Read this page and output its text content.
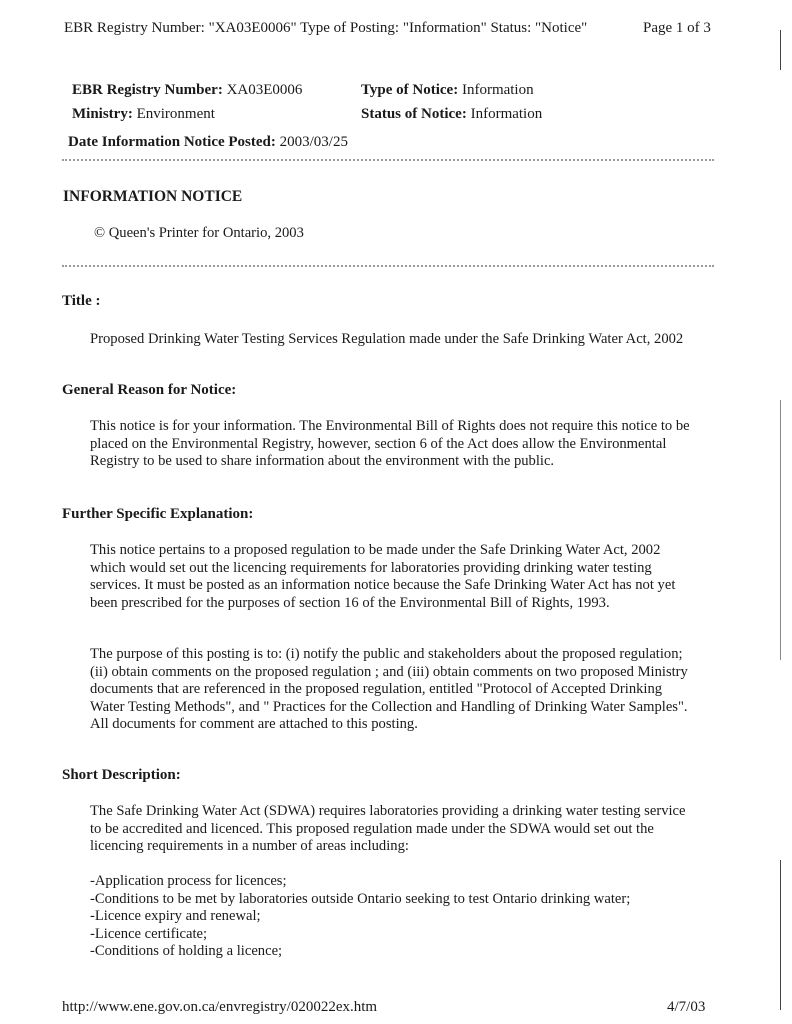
EBR Registry Number: "XA03E0006" Type of Posting: "Information" Status: "Notice"	Page 1 of 3
EBR Registry Number: XA03E0006
Ministry: Environment
Date Information Notice Posted: 2003/03/25
Type of Notice: Information
Status of Notice: Information
INFORMATION NOTICE
© Queen's Printer for Ontario, 2003
Title :
Proposed Drinking Water Testing Services Regulation made under the Safe Drinking Water Act, 2002
General Reason for Notice:
This notice is for your information. The Environmental Bill of Rights does not require this notice to be placed on the Environmental Registry, however, section 6 of the Act does allow the Environmental Registry to be used to share information about the environment with the public.
Further Specific Explanation:
This notice pertains to a proposed regulation to be made under the Safe Drinking Water Act, 2002 which would set out the licencing requirements for laboratories providing drinking water testing services. It must be posted as an information notice because the Safe Drinking Water Act has not yet been prescribed for the purposes of section 16 of the Environmental Bill of Rights, 1993.
The purpose of this posting is to: (i) notify the public and stakeholders about the proposed regulation; (ii) obtain comments on the proposed regulation ; and (iii) obtain comments on two proposed Ministry documents that are referenced in the proposed regulation, entitled "Protocol of Accepted Drinking Water Testing Methods", and " Practices for the Collection and Handling of Drinking Water Samples". All documents for comment are attached to this posting.
Short Description:
The Safe Drinking Water Act (SDWA) requires laboratories providing a drinking water testing service to be accredited and licenced. This proposed regulation made under the SDWA would set out the licencing requirements in a number of areas including:
-Application process for licences;
-Conditions to be met by laboratories outside Ontario seeking to test Ontario drinking water;
-Licence expiry and renewal;
-Licence certificate;
-Conditions of holding a licence;
http://www.ene.gov.on.ca/envregistry/020022ex.htm	4/7/03
